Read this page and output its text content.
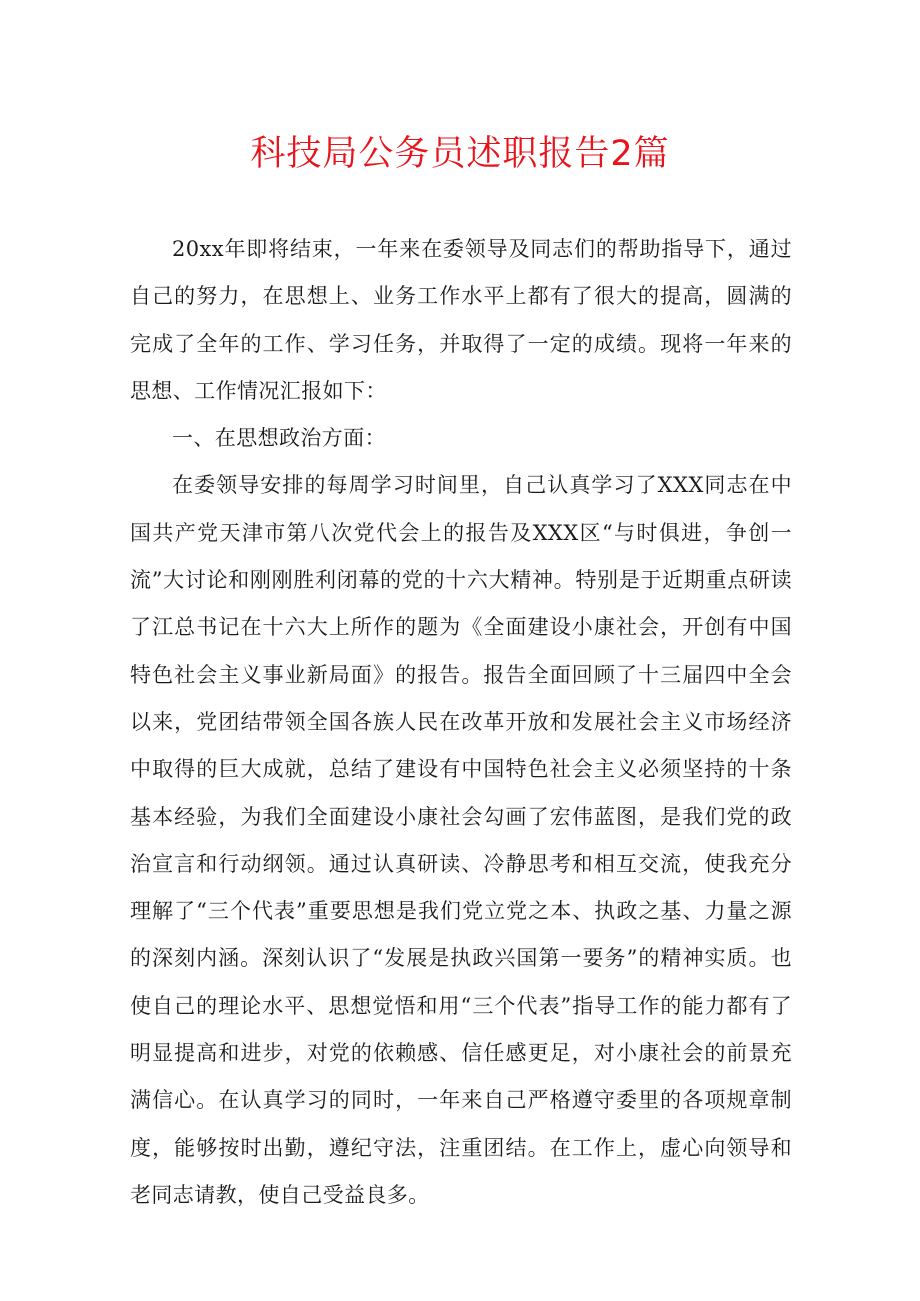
科技局公务员述职报告2篇

20xx年即将结束，一年来在委领导及同志们的帮助指导下，通过自己的努力，在思想上、业务工作水平上都有了很大的提高，圆满的完成了全年的工作、学习任务，并取得了一定的成绩。现将一年来的思想、工作情况汇报如下：

一、在思想政治方面：

在委领导安排的每周学习时间里，自己认真学习了XXX同志在中国共产党天津市第八次党代会上的报告及XXX区“与时俱进，争创一流”大讨论和刚刚胜利闭幕的党的十六大精神。特别是于近期重点研读了江总书记在十六大上所作的题为《全面建设小康社会，开创有中国特色社会主义事业新局面》的报告。报告全面回顾了十三届四中全会以来，党团结带领全国各族人民在改革开放和发展社会主义市场经济中取得的巨大成就，总结了建设有中国特色社会主义必须坚持的十条基本经验，为我们全面建设小康社会勾画了宏伟蓝图，是我们党的政治宣言和行动纲领。通过认真研读、冷静思考和相互交流，使我充分理解了“三个代表”重要思想是我们党立党之本、执政之基、力量之源的深刻内涵。深刻认识了“发展是执政兴国第一要务”的精神实质。也使自己的理论水平、思想觉悟和用“三个代表”指导工作的能力都有了明显提高和进步，对党的依赖感、信任感更足，对小康社会的前景充满信心。在认真学习的同时，一年来自己严格遵守委里的各项规章制度，能够按时出勤，遵纪守法，注重团结。在工作上，虚心向领导和老同志请教，使自己受益良多。
